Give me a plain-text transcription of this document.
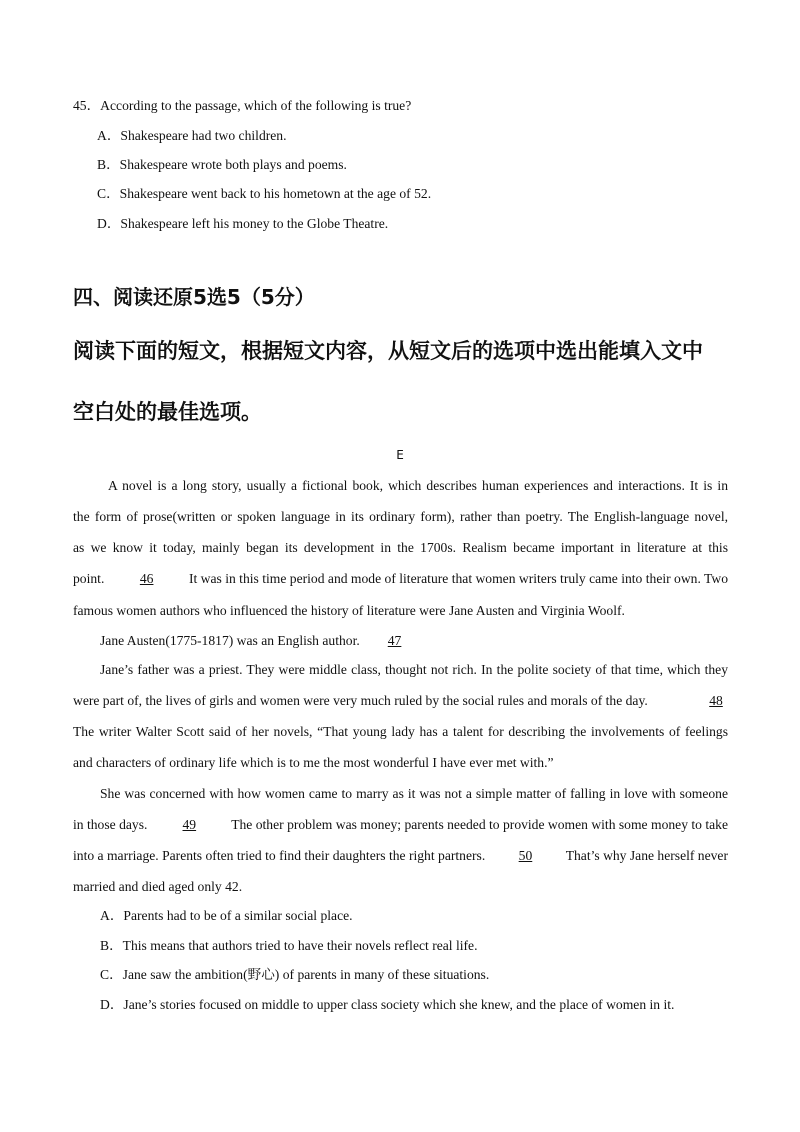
45．According to the passage, which of the following is true?
A．Shakespeare had two children.
B．Shakespeare wrote both plays and poems.
C．Shakespeare went back to his hometown at the age of 52.
D．Shakespeare left his money to the Globe Theatre.
四、阅读还原5选5（5分）
阅读下面的短文，根据短文内容，从短文后的选项中选出能填入文中
空白处的最佳选项。
E
A novel is a long story, usually a fictional book, which describes human experiences and interactions. It is in
the form of prose(written or spoken language in its ordinary form), rather than poetry. The English-language novel,
as we know it today, mainly began its development in the 1700s. Realism became important in literature at this
point.	46	It was in this time period and mode of literature that women writers truly came into their own. Two
famous women authors who influenced the history of literature were Jane Austen and Virginia Woolf.
Jane Austen(1775-1817) was an English author. 47
Jane’s father was a priest. They were middle class, thought not rich. In the polite society of that time, which they
were part of, the lives of girls and women were very much ruled by the social rules and morals of the day.	48
The writer Walter Scott said of her novels, “That young lady has a talent for describing the involvements of feelings
and characters of ordinary life which is to me the most wonderful I have ever met with.”
She was concerned with how women came to marry as it was not a simple matter of falling in love with someone
in those days.	49	The other problem was money; parents needed to provide women with some money to take
into a marriage. Parents often tried to find their daughters the right partners.	50	That’s why Jane herself never
married and died aged only 42.
A．Parents had to be of a similar social place.
B．This means that authors tried to have their novels reflect real life.
C．Jane saw the ambition(野心) of parents in many of these situations.
D．Jane’s stories focused on middle to upper class society which she knew, and the place of women in it.
